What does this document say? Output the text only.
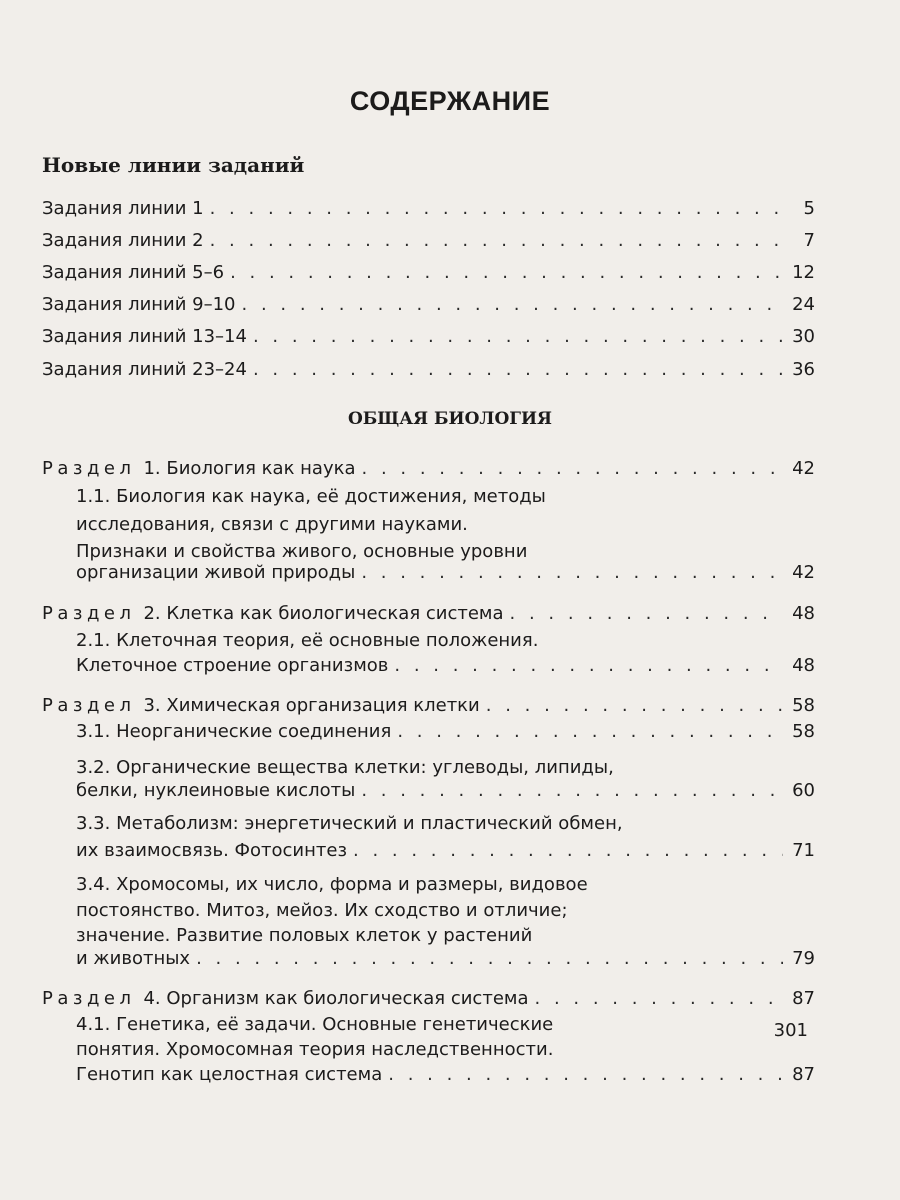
СОДЕРЖАНИЕ
Новые линии заданий
Задания линии 1 . . .	5
Задания линии 2 . . .	7
Задания линий 5–6 . . .	12
Задания линий 9–10 . . .	24
Задания линий 13–14 . . .	30
Задания линий 23–24 . . .	36
ОБЩАЯ БИОЛОГИЯ
Раздел 1. Биология как наука . . .	42
1.1. Биология как наука, её достижения, методы
исследования, связи с другими науками.
Признаки и свойства живого, основные уровни
организации живой природы . . .	42
Раздел 2. Клетка как биологическая система . . .	48
2.1. Клеточная теория, её основные положения.
Клеточное строение организмов . . .	48
Раздел 3. Химическая организация клетки . . .	58
3.1. Неорганические соединения . . .	58
3.2. Органические вещества клетки: углеводы, липиды,
белки, нуклеиновые кислоты . . .	60
3.3. Метаболизм: энергетический и пластический обмен,
их взаимосвязь. Фотосинтез . . .	71
3.4. Хромосомы, их число, форма и размеры, видовое
постоянство. Митоз, мейоз. Их сходство и отличие;
значение. Развитие половых клеток у растений
и животных . . .	79
Раздел 4. Организм как биологическая система . . .	87
4.1. Генетика, её задачи. Основные генетические
понятия. Хромосомная теория наследственности.
Генотип как целостная система . . .	87
301
